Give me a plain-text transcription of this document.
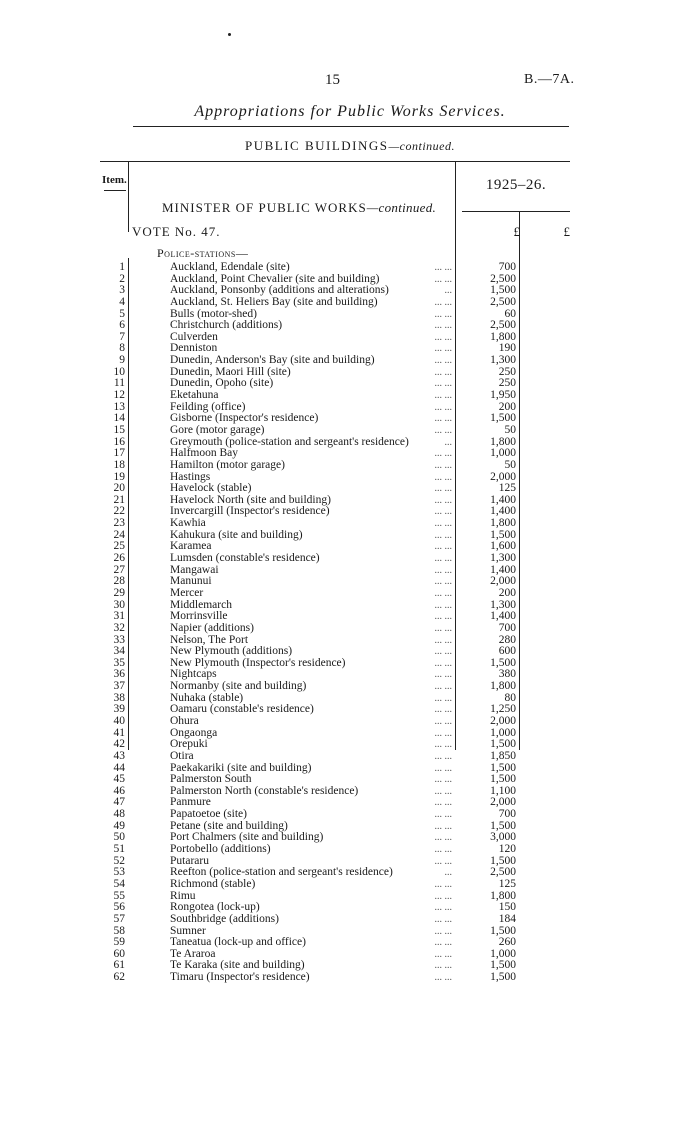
15	B.—7A.
Appropriations for Public Works Services.
PUBLIC BUILDINGS—continued.
Item.	1925–26.
MINISTER OF PUBLIC WORKS—continued.
VOTE No. 47.	£	£
Police-stations—
1	Auckland, Edendale (site)	... ...	700
2	Auckland, Point Chevalier (site and building)	... ...	2,500
3	Auckland, Ponsonby (additions and alterations)	...	1,500
4	Auckland, St. Heliers Bay (site and building)	... ...	2,500
5	Bulls (motor-shed)	... ...	60
6	Christchurch (additions)	... ...	2,500
7	Culverden	... ...	1,800
8	Denniston	... ...	190
9	Dunedin, Anderson's Bay (site and building)	... ...	1,300
10	Dunedin, Maori Hill (site)	... ...	250
11	Dunedin, Opoho (site)	... ...	250
12	Eketahuna	... ...	1,950
13	Feilding (office)	... ...	200
14	Gisborne (Inspector's residence)	... ...	1,500
15	Gore (motor garage)	... ...	50
16	Greymouth (police-station and sergeant's residence)	...	1,800
17	Halfmoon Bay	... ...	1,000
18	Hamilton (motor garage)	... ...	50
19	Hastings	... ...	2,000
20	Havelock (stable)	... ...	125
21	Havelock North (site and building)	... ...	1,400
22	Invercargill (Inspector's residence)	... ...	1,400
23	Kawhia	... ...	1,800
24	Kahukura (site and building)	... ...	1,500
25	Karamea	... ...	1,600
26	Lumsden (constable's residence)	... ...	1,300
27	Mangawai	... ...	1,400
28	Manunui	... ...	2,000
29	Mercer	... ...	200
30	Middlemarch	... ...	1,300
31	Morrinsville	... ...	1,400
32	Napier (additions)	... ...	700
33	Nelson, The Port	... ...	280
34	New Plymouth (additions)	... ...	600
35	New Plymouth (Inspector's residence)	... ...	1,500
36	Nightcaps	... ...	380
37	Normanby (site and building)	... ...	1,800
38	Nuhaka (stable)	... ...	80
39	Oamaru (constable's residence)	... ...	1,250
40	Ohura	... ...	2,000
41	Ongaonga	... ...	1,000
42	Orepuki	... ...	1,500
43	Otira	... ...	1,850
44	Paekakariki (site and building)	... ...	1,500
45	Palmerston South	... ...	1,500
46	Palmerston North (constable's residence)	... ...	1,100
47	Panmure	... ...	2,000
48	Papatoetoe (site)	... ...	700
49	Petane (site and building)	... ...	1,500
50	Port Chalmers (site and building)	... ...	3,000
51	Portobello (additions)	... ...	120
52	Putararu	... ...	1,500
53	Reefton (police-station and sergeant's residence)	...	2,500
54	Richmond (stable)	... ...	125
55	Rimu	... ...	1,800
56	Rongotea (lock-up)	... ...	150
57	Southbridge (additions)	... ...	184
58	Sumner	... ...	1,500
59	Taneatua (lock-up and office)	... ...	260
60	Te Araroa	... ...	1,000
61	Te Karaka (site and building)	... ...	1,500
62	Timaru (Inspector's residence)	... ...	1,500
